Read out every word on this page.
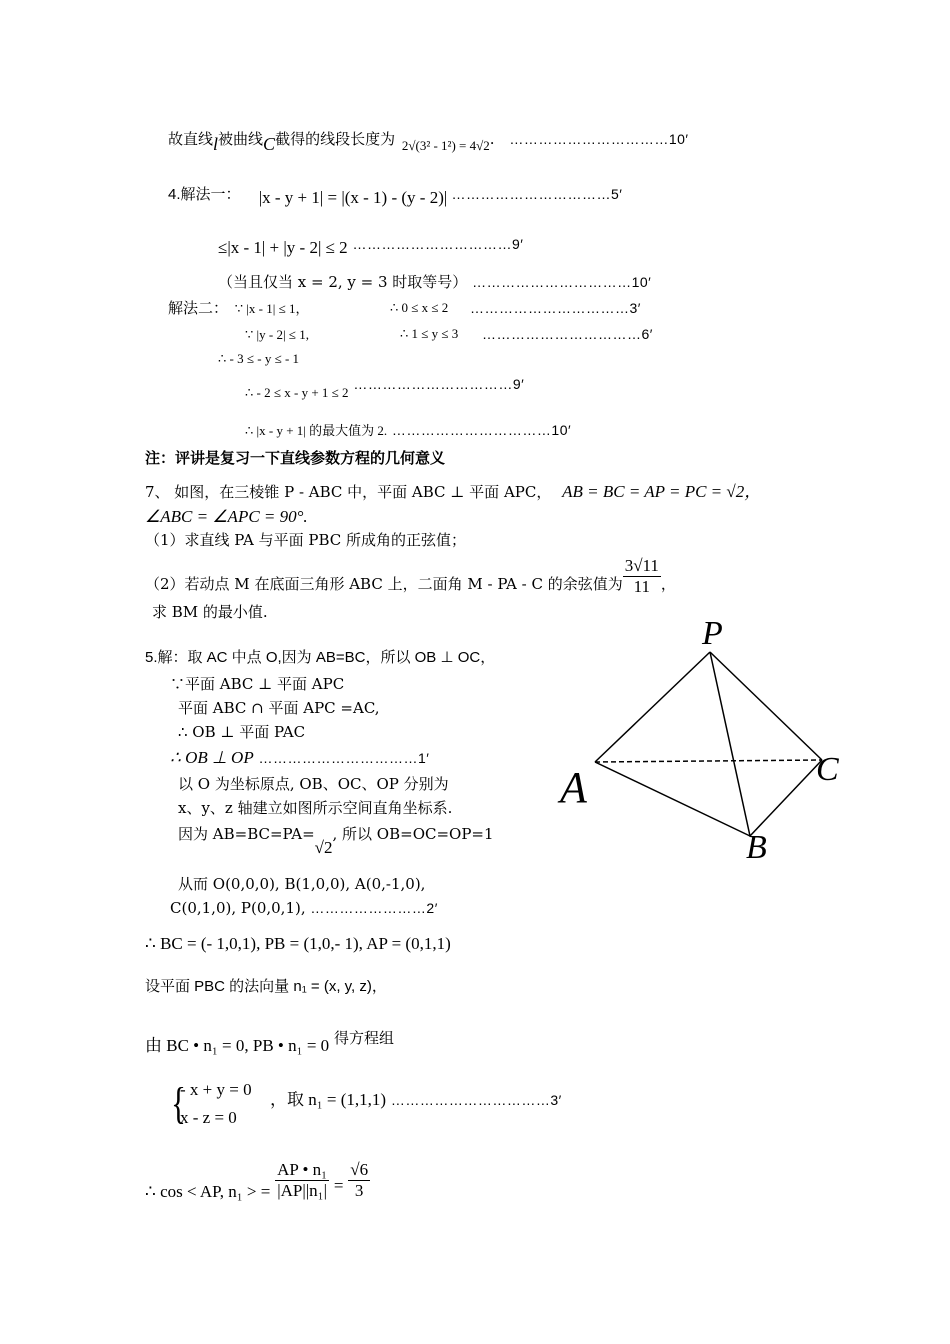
故直线l被曲线C截得的线段长度为 2√(3² - 1²) = 4√2. ……………………………10′
4.解法一： |x - y + 1| = |(x - 1) - (y - 2)| ……………………………5′
≤|x - 1| + |y - 2| ≤ 2 ……………………………9′
（当且仅当 x = 2, y = 3 时取等号） ……………………………10′
解法二： ∵ |x - 1| ≤ 1，	∴ 0 ≤ x ≤ 2 ……………………………3′
∵ |y - 2| ≤ 1,	∴ 1 ≤ y ≤ 3 ……………………………6′
∴ - 3 ≤ - y ≤ - 1
∴ - 2 ≤ x - y + 1 ≤ 2 ……………………………9′
∴ |x - y + 1| 的最大值为 2. ……………………………10′
注：评讲是复习一下直线参数方程的几何意义
7、 如图，在三棱锥 P - ABC 中，平面 ABC ⊥ 平面 APC， AB = BC = AP = PC = √2，
∠ABC = ∠APC = 90°.
（1）求直线 PA 与平面 PBC 所成角的正弦值；
（2）若动点 M 在底面三角形 ABC 上，二面角 M - PA - C 的余弦值为 $\frac{3√11}{11}$ ，
求 BM 的最小值.
5.解：取 AC 中点 O,因为 AB=BC，所以 OB ⊥ OC，
∵平面 ABC ⊥ 平面 APC
平面 ABC ∩ 平面 APC =AC,
∴ OB ⊥ 平面 PAC
∴ OB ⊥ OP ……………………………1′
以 O 为坐标原点, OB、OC、OP 分别为
x、y、z 轴建立如图所示空间直角坐标系.
因为 AB=BC=PA=√2, 所以 OB=OC=OP=1
从而 O(0,0,0), B(1,0,0), A(0,-1,0),
C(0,1,0), P(0,0,1), ……………………2′
∴ BC = (- 1,0,1), PB = (1,0,- 1), AP = (0,1,1)
设平面 PBC 的法向量 n₁ = (x, y, z)，
由 BC • n₁ = 0, PB • n₁ = 0 得方程组
{
- x + y = 0
x - z = 0
，取 n₁ = (1,1,1) ……………………………3′
∴ cos < AP, n₁ > = $\frac{\text{AP • n₁}}{\text{|AP||n₁|}} = \frac{√6}{3}$
P
A
B
C
